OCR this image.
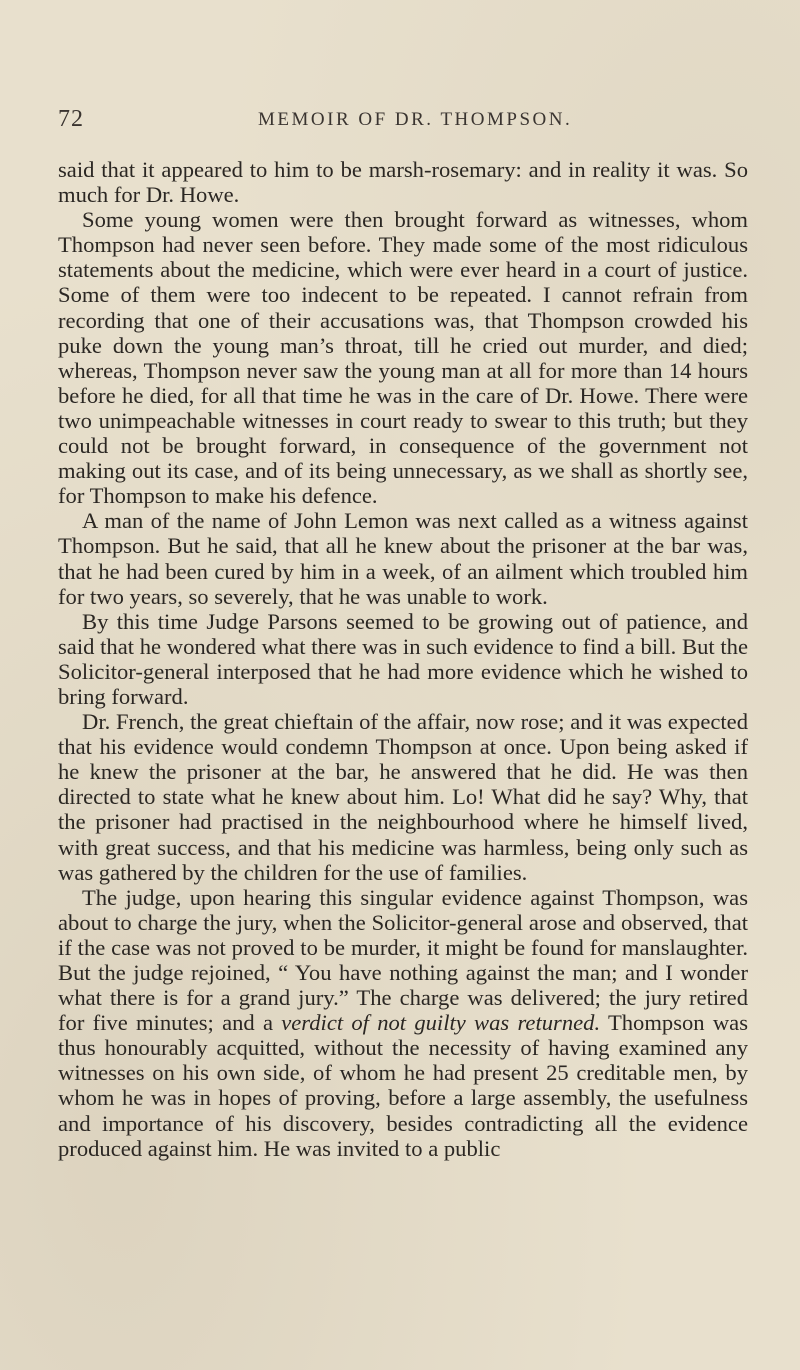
72	MEMOIR OF DR. THOMPSON.

said that it appeared to him to be marsh-rosemary: and in reality it was. So much for Dr. Howe.

Some young women were then brought forward as witnesses, whom Thompson had never seen before. They made some of the most ridiculous statements about the medicine, which were ever heard in a court of justice. Some of them were too indecent to be repeated. I cannot refrain from recording that one of their accusations was, that Thompson crowded his puke down the young man’s throat, till he cried out murder, and died; whereas, Thompson never saw the young man at all for more than 14 hours before he died, for all that time he was in the care of Dr. Howe. There were two unimpeachable witnesses in court ready to swear to this truth; but they could not be brought forward, in consequence of the government not making out its case, and of its being unnecessary, as we shall as shortly see, for Thompson to make his defence.

A man of the name of John Lemon was next called as a witness against Thompson. But he said, that all he knew about the prisoner at the bar was, that he had been cured by him in a week, of an ailment which troubled him for two years, so severely, that he was unable to work.

By this time Judge Parsons seemed to be growing out of patience, and said that he wondered what there was in such evidence to find a bill. But the Solicitor-general interposed that he had more evidence which he wished to bring forward.

Dr. French, the great chieftain of the affair, now rose; and it was expected that his evidence would condemn Thompson at once. Upon being asked if he knew the prisoner at the bar, he answered that he did. He was then directed to state what he knew about him. Lo! What did he say? Why, that the prisoner had practised in the neighbourhood where he himself lived, with great success, and that his medicine was harmless, being only such as was gathered by the children for the use of families.

The judge, upon hearing this singular evidence against Thompson, was about to charge the jury, when the Solicitor-general arose and observed, that if the case was not proved to be murder, it might be found for manslaughter. But the judge rejoined, “ You have nothing against the man; and I wonder what there is for a grand jury.” The charge was delivered; the jury retired for five minutes; and a verdict of not guilty was returned. Thompson was thus honourably acquitted, without the necessity of having examined any witnesses on his own side, of whom he had present 25 creditable men, by whom he was in hopes of proving, before a large assembly, the usefulness and importance of his discovery, besides contradicting all the evidence produced against him. He was invited to a public
